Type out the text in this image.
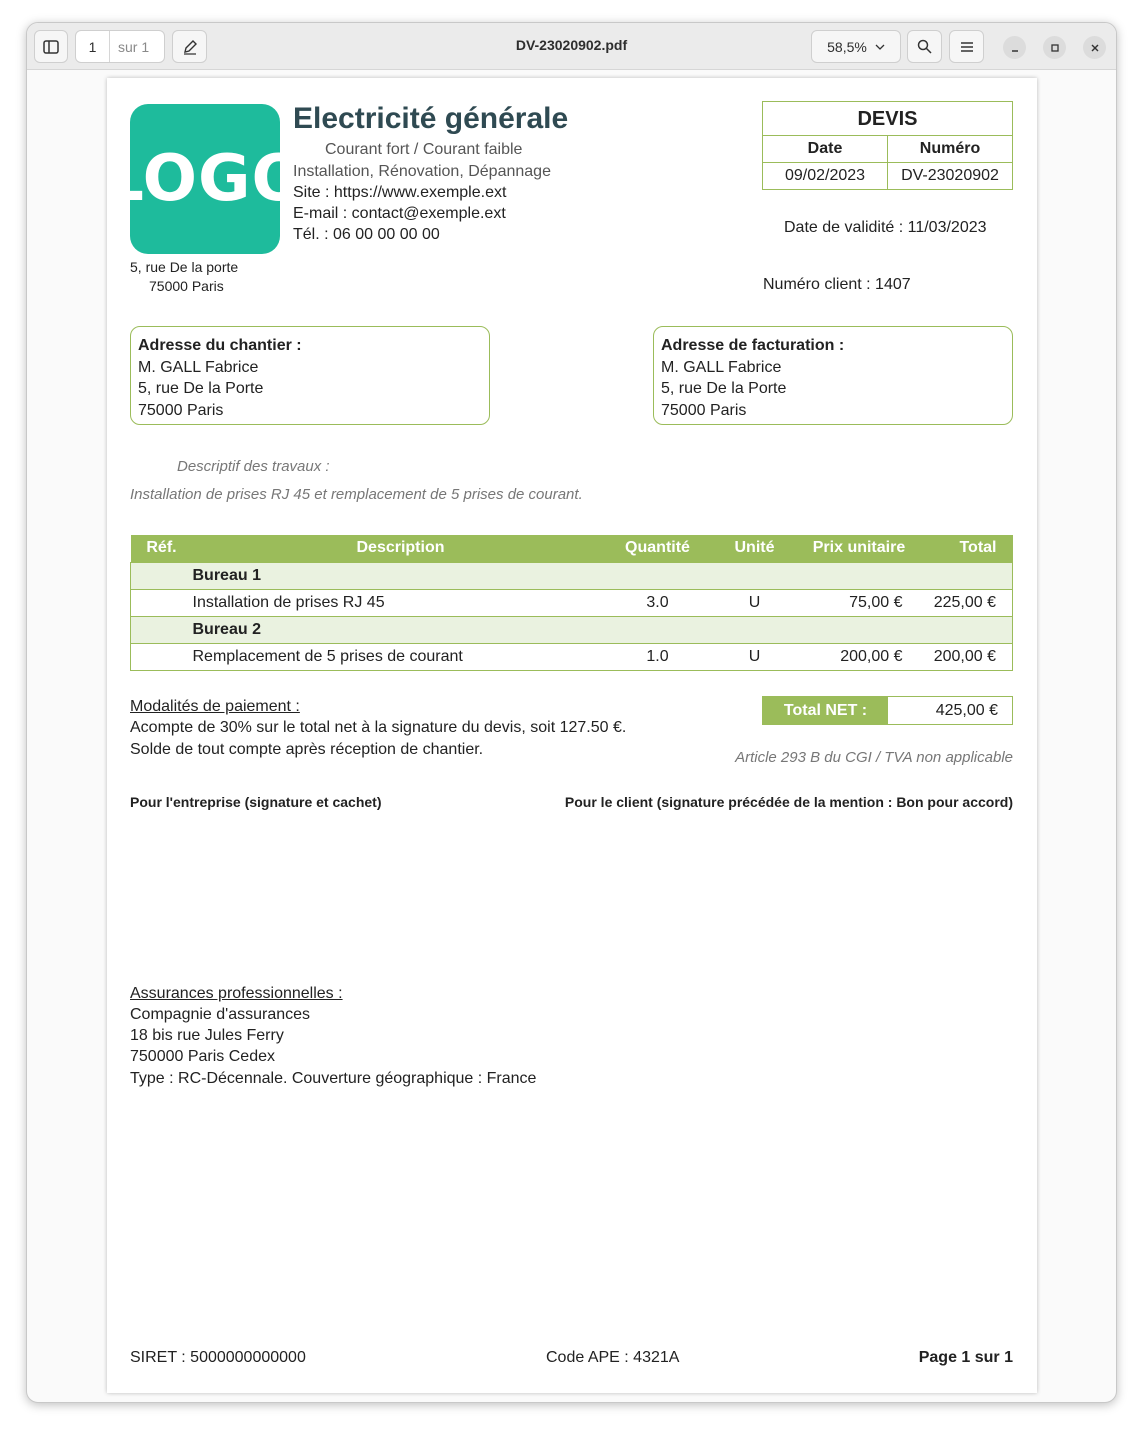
1	sur 1	DV-23020902.pdf	58,5%
LOGO
Electricité générale
Courant fort / Courant faible
Installation, Rénovation, Dépannage
Site : https://www.exemple.ext
E-mail : contact@exemple.ext
Tél. : 06 00 00 00 00
5, rue De la porte
75000 Paris
DEVIS
Date	Numéro
09/02/2023	DV-23020902
Date de validité : 11/03/2023
Numéro client : 1407
Adresse du chantier :
M. GALL Fabrice
5, rue De la Porte
75000 Paris
Adresse de facturation :
M. GALL Fabrice
5, rue De la Porte
75000 Paris
Descriptif des travaux :
Installation de prises RJ 45 et remplacement de 5 prises de courant.
Réf.	Description	Quantité	Unité	Prix unitaire	Total
	Bureau 1				
	Installation de prises RJ 45	3.0	U	75,00 €	225,00 €
	Bureau 2				
	Remplacement de 5 prises de courant	1.0	U	200,00 €	200,00 €
Modalités de paiement :
Acompte de 30% sur le total net à la signature du devis, soit 127.50 €.
Solde de tout compte après réception de chantier.
Total NET :	425,00 €
Article 293 B du CGI / TVA non applicable
Pour l'entreprise (signature et cachet)	Pour le client (signature précédée de la mention : Bon pour accord)
Assurances professionnelles :
Compagnie d'assurances
18 bis rue Jules Ferry
750000 Paris Cedex
Type : RC-Décennale. Couverture géographique : France
SIRET : 5000000000000	Code APE : 4321A	Page 1 sur 1
